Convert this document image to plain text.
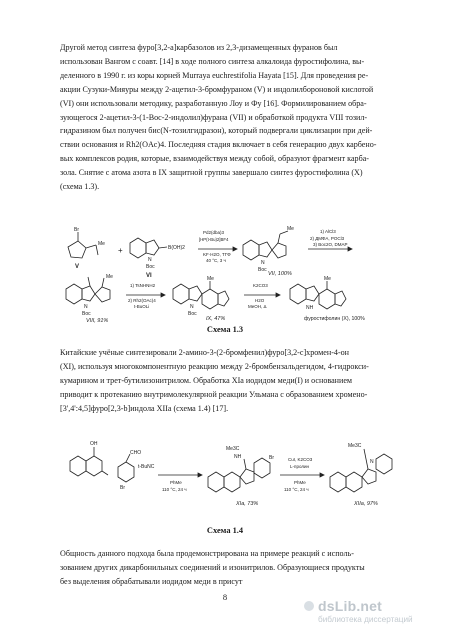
Другой метод синтеза фуро[3,2-a]карбазолов из 2,3-дизамещенных фуранов был
использован Вангом с соавт. [14] в ходе полного синтеза алкалоида фуростифолина, вы-
деленного в 1990 г. из коры корней Murraya euchrestifolia Hayata [15]. Для проведения ре-
акции Сузуки-Мияуры между 2-ацетил-3-бромфураном (V) и индолилбороновой кислотой
(VI) они использовали методику, разработанную Лоу и Фу [16]. Формилированием обра-
зующегося 2-ацетил-3-(1-Boc-2-индолил)фурана (VII) и обработкой продукта VIII тозил-
гидразином был получен бис(N-тозилгидразон), который подвергали циклизации при дей-
ствии основания и Rh2(OAc)4. Последняя стадия включает в себя генерацию двух карбено-
вых комплексов родия, которые, взаимодействуя между собой, образуют фрагмент карба-
зола. Снятие с атома азота в IX защитной группы завершало синтез фуростифолина (X)
(схема 1.3).
Br
Me
V
+	B(OH)2
N
Boc
VI
Pd2(dba)3
[HP(t-Bu)2]BF4
KF·H2O, ТГФ
40 °C, 3 ч
Me
N
Boc
VII, 100%
1) AlCl3
2) ДМФА, POCl3
3) Boc2O, DMAP
Me
N
Boc
VIII, 91%
1) TsNHNH2
2) Rh2(OAc)4
t-BuOLi
Me
N
Boc
IX, 47%
K2CO3
H2O
MeOH, Δ
Me
NH
фуростифолин (X), 100%
Схема 1.3
Китайские учёные синтезировали 2-амино-3-(2-бромфенил)фуро[3,2-c]хромен-4-он
(XI), используя многокомпонентную реакцию между 2-бромбензальдегидом, 4-гидрокси-
кумарином и трет-бутилизонитрилом. Обработка XIa иодидом меди(I) и основанием
приводит к протеканию внутримолекулярной реакции Ульмана с образованием хромено-
[3',4':4,5]фуро[2,3-b]индола XIIa (схема 1.4) [17].
OH
CHO
Br
t-BuNC
PhMe
110 °C, 24 ч
NH
Me3C
Br
XIa, 73%
CuI, K2CO3
L-пролин
PhMe
110 °C, 24 ч
N
Me3C
XIIa, 97%
Схема 1.4
Общность данного подхода была продемонстрирована на примере реакций с исполь-
зованием других дикарбонильных соединений и изонитрилов. Образующиеся продукты
без выделения обрабатывали иодидом меди в присут
8
dsLib.net
библиотека диссертаций
